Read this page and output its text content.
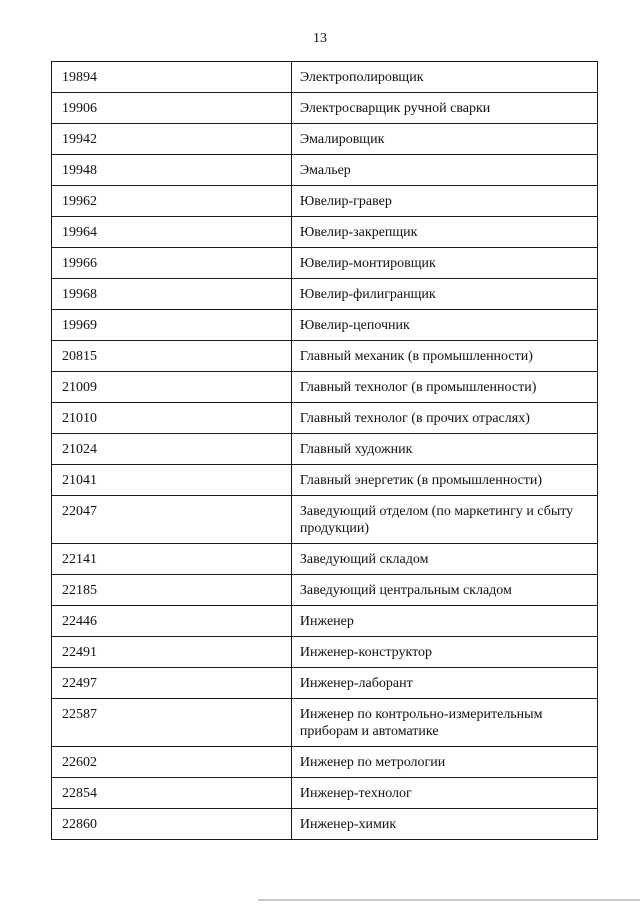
13
19894	Электрополировщик
19906	Электросварщик ручной сварки
19942	Эмалировщик
19948	Эмальер
19962	Ювелир-гравер
19964	Ювелир-закрепщик
19966	Ювелир-монтировщик
19968	Ювелир-филигранщик
19969	Ювелир-цепочник
20815	Главный механик (в промышленности)
21009	Главный технолог (в промышленности)
21010	Главный технолог (в прочих отраслях)
21024	Главный художник
21041	Главный энергетик (в промышленности)
22047	Заведующий отделом (по маркетингу и сбыту продукции)
22141	Заведующий складом
22185	Заведующий центральным складом
22446	Инженер
22491	Инженер-конструктор
22497	Инженер-лаборант
22587	Инженер по контрольно-измерительным приборам и автоматике
22602	Инженер по метрологии
22854	Инженер-технолог
22860	Инженер-химик
